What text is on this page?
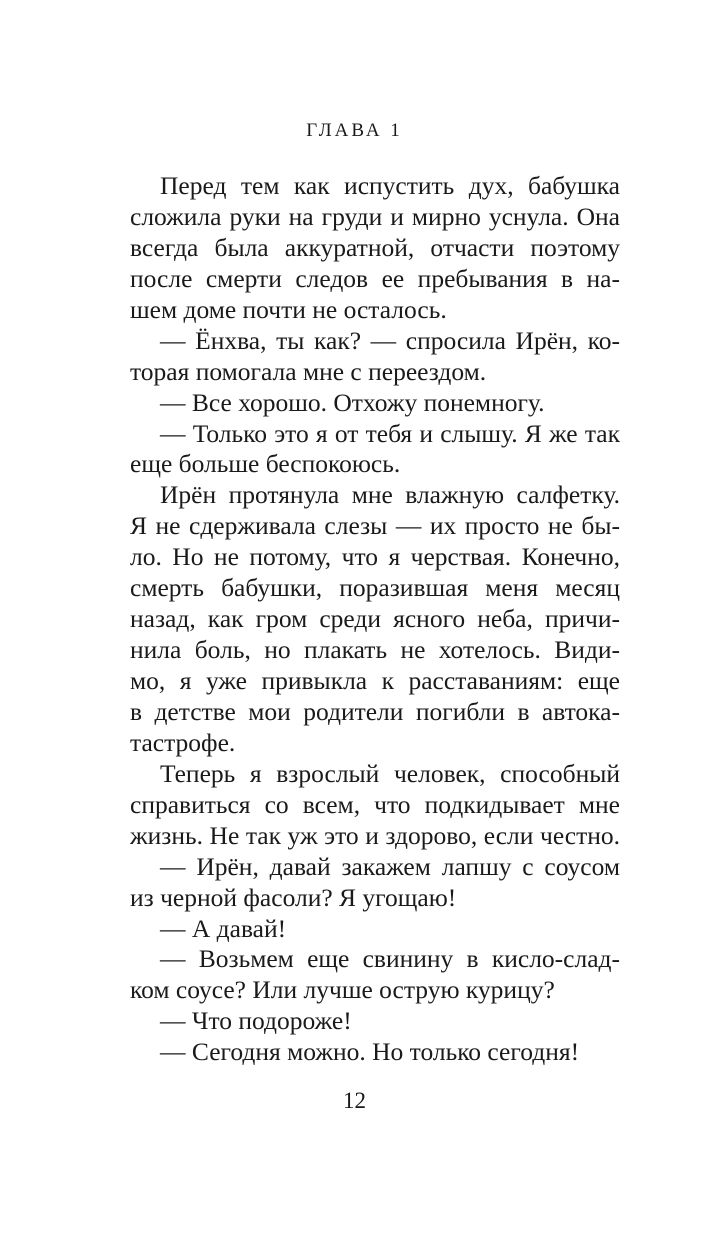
ГЛАВА 1
Перед тем как испустить дух, бабушка
сложила руки на груди и мирно уснула. Она
всегда была аккуратной, отчасти поэтому
после смерти следов ее пребывания в на-
шем доме почти не осталось.
— Ёнхва, ты как? — спросила Ирён, ко-
торая помогала мне с переездом.
— Все хорошо. Отхожу понемногу.
— Только это я от тебя и слышу. Я же так
еще больше беспокоюсь.
Ирён протянула мне влажную салфетку.
Я не сдерживала слезы — их просто не бы-
ло. Но не потому, что я черствая. Конечно,
смерть бабушки, поразившая меня месяц
назад, как гром среди ясного неба, причи-
нила боль, но плакать не хотелось. Види-
мо, я уже привыкла к расставаниям: еще
в детстве мои родители погибли в автока-
тастрофе.
Теперь я взрослый человек, способный
справиться со всем, что подкидывает мне
жизнь. Не так уж это и здорово, если честно.
— Ирён, давай закажем лапшу с соусом
из черной фасоли? Я угощаю!
— А давай!
— Возьмем еще свинину в кисло-слад-
ком соусе? Или лучше острую курицу?
— Что подороже!
— Сегодня можно. Но только сегодня!
12
